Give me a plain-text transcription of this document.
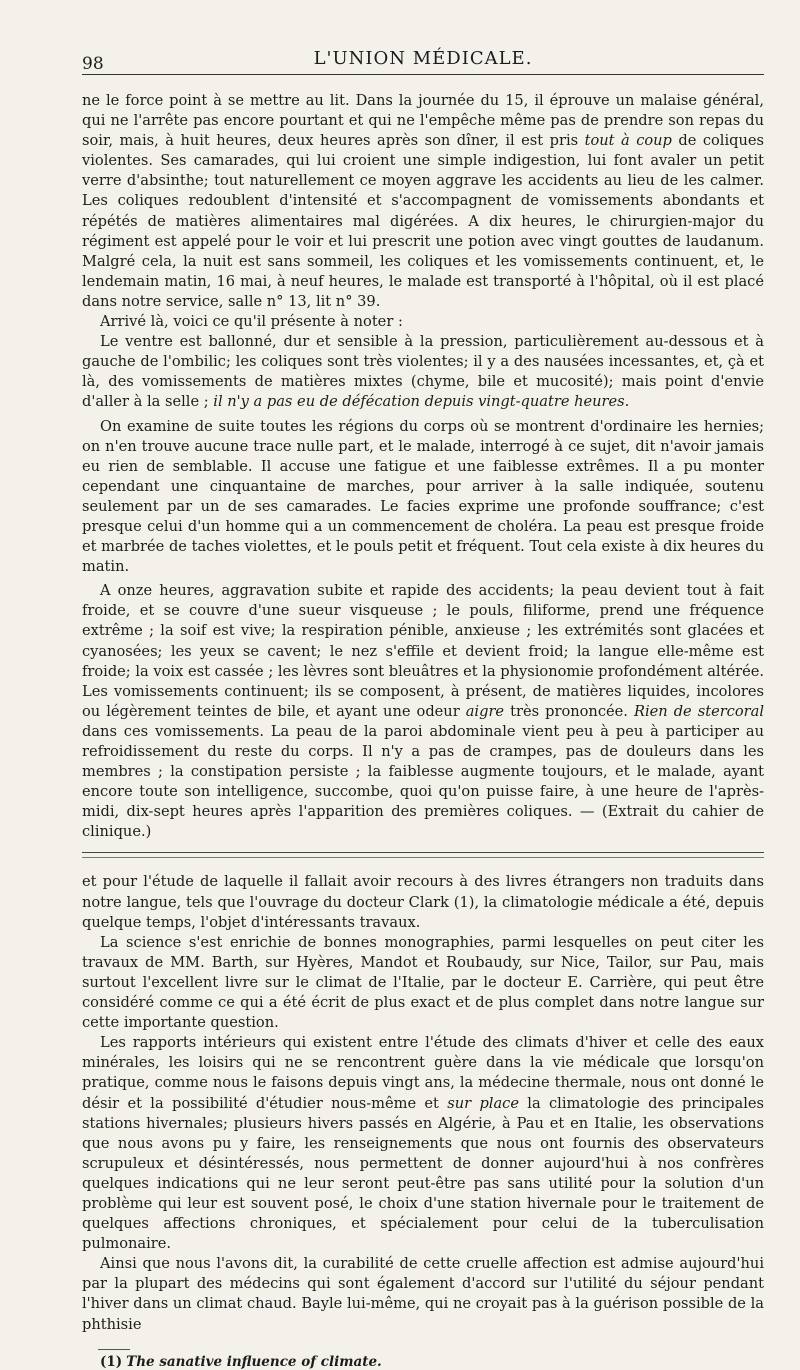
98	L'UNION MÉDICALE.

ne le force point à se mettre au lit. Dans la journée du 15, il éprouve un malaise général, qui ne l'arrête pas encore pourtant et qui ne l'empêche même pas de prendre son repas du soir, mais, à huit heures, deux heures après son dîner, il est pris tout à coup de coliques violentes. Ses camarades, qui lui croient une simple indigestion, lui font avaler un petit verre d'absinthe; tout naturellement ce moyen aggrave les accidents au lieu de les calmer. Les coliques redoublent d'intensité et s'accompagnent de vomissements abondants et répétés de matières alimentaires mal digérées. A dix heures, le chirurgien-major du régiment est appelé pour le voir et lui prescrit une potion avec vingt gouttes de laudanum. Malgré cela, la nuit est sans sommeil, les coliques et les vomissements continuent, et, le lendemain matin, 16 mai, à neuf heures, le malade est transporté à l'hôpital, où il est placé dans notre service, salle n° 13, lit n° 39.

Arrivé là, voici ce qu'il présente à noter :

Le ventre est ballonné, dur et sensible à la pression, particulièrement au-dessous et à gauche de l'ombilic; les coliques sont très violentes; il y a des nausées incessantes, et, çà et là, des vomissements de matières mixtes (chyme, bile et mucosité); mais point d'envie d'aller à la selle ; il n'y a pas eu de défécation depuis vingt-quatre heures.

On examine de suite toutes les régions du corps où se montrent d'ordinaire les hernies; on n'en trouve aucune trace nulle part, et le malade, interrogé à ce sujet, dit n'avoir jamais eu rien de semblable. Il accuse une fatigue et une faiblesse extrêmes. Il a pu monter cependant une cinquantaine de marches, pour arriver à la salle indiquée, soutenu seulement par un de ses camarades. Le facies exprime une profonde souffrance; c'est presque celui d'un homme qui a un commencement de choléra. La peau est presque froide et marbrée de taches violettes, et le pouls petit et fréquent. Tout cela existe à dix heures du matin.

A onze heures, aggravation subite et rapide des accidents; la peau devient tout à fait froide, et se couvre d'une sueur visqueuse ; le pouls, filiforme, prend une fréquence extrême ; la soif est vive; la respiration pénible, anxieuse ; les extrémités sont glacées et cyanosées; les yeux se cavent; le nez s'effile et devient froid; la langue elle-même est froide; la voix est cassée ; les lèvres sont bleuâtres et la physionomie profondément altérée. Les vomissements continuent; ils se composent, à présent, de matières liquides, incolores ou légèrement teintes de bile, et ayant une odeur aigre très prononcée. Rien de stercoral dans ces vomissements. La peau de la paroi abdominale vient peu à peu à participer au refroidissement du reste du corps. Il n'y a pas de crampes, pas de douleurs dans les membres ; la constipation persiste ; la faiblesse augmente toujours, et le malade, ayant encore toute son intelligence, succombe, quoi qu'on puisse faire, à une heure de l'après-midi, dix-sept heures après l'apparition des premières coliques. — (Extrait du cahier de clinique.)

et pour l'étude de laquelle il fallait avoir recours à des livres étrangers non traduits dans notre langue, tels que l'ouvrage du docteur Clark (1), la climatologie médicale a été, depuis quelque temps, l'objet d'intéressants travaux.

La science s'est enrichie de bonnes monographies, parmi lesquelles on peut citer les travaux de MM. Barth, sur Hyères, Mandot et Roubaudy, sur Nice, Tailor, sur Pau, mais surtout l'excellent livre sur le climat de l'Italie, par le docteur E. Carrière, qui peut être considéré comme ce qui a été écrit de plus exact et de plus complet dans notre langue sur cette importante question.

Les rapports intérieurs qui existent entre l'étude des climats d'hiver et celle des eaux minérales, les loisirs qui ne se rencontrent guère dans la vie médicale que lorsqu'on pratique, comme nous le faisons depuis vingt ans, la médecine thermale, nous ont donné le désir et la possibilité d'étudier nous-même et sur place la climatologie des principales stations hivernales; plusieurs hivers passés en Algérie, à Pau et en Italie, les observations que nous avons pu y faire, les renseignements que nous ont fournis des observateurs scrupuleux et désintéressés, nous permettent de donner aujourd'hui à nos confrères quelques indications qui ne leur seront peut-être pas sans utilité pour la solution d'un problème qui leur est souvent posé, le choix d'une station hivernale pour le traitement de quelques affections chroniques, et spécialement pour celui de la tuberculisation pulmonaire.

Ainsi que nous l'avons dit, la curabilité de cette cruelle affection est admise aujourd'hui par la plupart des médecins qui sont également d'accord sur l'utilité du séjour pendant l'hiver dans un climat chaud. Bayle lui-même, qui ne croyait pas à la guérison possible de la phthisie

(1) The sanative influence of climate.
